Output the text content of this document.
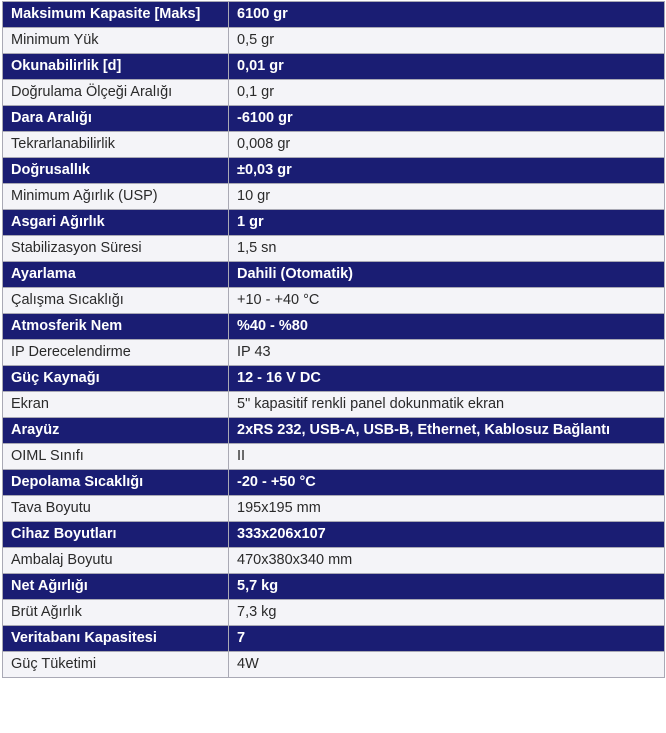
Maksimum Kapasite [Maks]	6100 gr
Minimum Yük	0,5 gr
Okunabilirlik [d]	0,01 gr
Doğrulama Ölçeği Aralığı	0,1 gr
Dara Aralığı	-6100 gr
Tekrarlanabilirlik	0,008 gr
Doğrusallık	±0,03 gr
Minimum Ağırlık (USP)	10 gr
Asgari Ağırlık	1 gr
Stabilizasyon Süresi	1,5 sn
Ayarlama	Dahili (Otomatik)
Çalışma Sıcaklığı	+10 - +40 °C
Atmosferik Nem	%40 - %80
IP Derecelendirme	IP 43
Güç Kaynağı	12 - 16 V DC
Ekran	5" kapasitif renkli panel dokunmatik ekran
Arayüz	2xRS 232, USB-A, USB-B, Ethernet, Kablosuz Bağlantı
OIML Sınıfı	II
Depolama Sıcaklığı	-20 - +50 °C
Tava Boyutu	195x195 mm
Cihaz Boyutları	333x206x107
Ambalaj Boyutu	470x380x340 mm
Net Ağırlığı	5,7 kg
Brüt Ağırlık	7,3 kg
Veritabanı Kapasitesi	7
Güç Tüketimi	4W
